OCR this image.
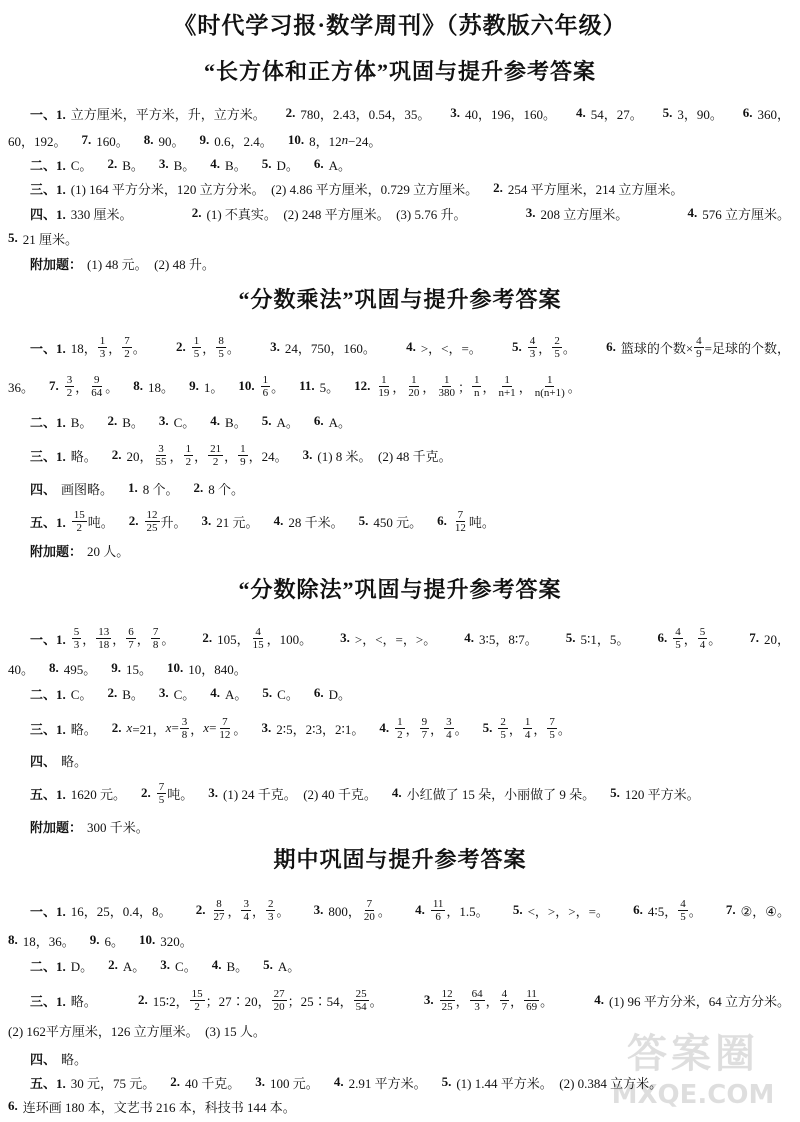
《时代学习报·数学周刊》（苏教版六年级）
答案圈
MXQE.COM
“长方体和正方体”巩固与提升参考答案
一、1. 立方厘米，平方米，升，立方米。 2. 780，2.43，0.54，35。 3. 40，196，160。 4. 54，27。 5. 3，90。 6. 360，
60，192。 7. 160。 8. 90。 9. 0.6，2.4。 10. 8，12 n −24。
二、1. C。 2. B。 3. B。 4. B。 5. D。 6. A。
三、1. (1) 164 平方分米，120 立方分米。  (2) 4.86 平方厘米，0.729 立方厘米。 2. 254 平方厘米，214 立方厘米。
四、1. 330 厘米。	2. (1) 不真实。  (2) 248 平方厘米。  (3) 5.76 升。	3. 208 立方厘米。	4. 576 立方厘米。
5. 21 厘米。
附加题： (1) 48 元。  (2) 48 升。
“分数乘法”巩固与提升参考答案
一、1. 18， $\frac{1}{3}$ ， $\frac{7}{2}$ 。 2. $\frac{1}{5}$ ， $\frac{8}{5}$ 。 3. 24，750，160。 4. >，<，=。 5. $\frac{4}{3}$ ， $\frac{2}{5}$ 。 6. 篮球的个数× $\frac{4}{9}$ =足球的个数，
36。 7. $\frac{3}{2}$ ， $\frac{9}{64}$ 。 8. 18。 9. 1。 10. $\frac{1}{6}$ 。 11. 5。 12. $\frac{1}{19}$ ， $\frac{1}{20}$ ， $\frac{1}{380}$ ； $\frac{1}{n}$ ， $\frac{1}{n+1}$ ， $\frac{1}{n(n+1)}$ 。
二、1. B。 2. B。 3. C。 4. B。 5. A。 6. A。
三、1. 略。 2. 20， $\frac{3}{55}$ ， $\frac{1}{2}$ ， $\frac{21}{2}$ ， $\frac{1}{9}$ ，24。 3. (1) 8 米。  (2) 48 千克。
四、 画图略。 1. 8 个。 2. 8 个。
五、1. $\frac{15}{2}$ 吨。 2. $\frac{12}{25}$ 升。 3. 21 元。 4. 28 千米。 5. 450 元。 6. $\frac{7}{12}$ 吨。
附加题： 20 人。
“分数除法”巩固与提升参考答案
一、1. $\frac{5}{3}$ ， $\frac{13}{18}$ ， $\frac{6}{7}$ ， $\frac{7}{8}$ 。 2. 105， $\frac{4}{15}$ ，100。 3. >，<，=，>。 4. 3∶5，8∶7。 5. 5∶1，5。 6. $\frac{4}{5}$ ， $\frac{5}{4}$ 。 7. 20，
40。 8. 495。 9. 15。 10. 10，840。
二、1. C。 2. B。 3. C。 4. A。 5. C。 6. D。
三、1. 略。 2. x =21， $x = \frac{3}{8}$ ， $x = \frac{7}{12}$ 。 3. 2∶5，2∶3，2∶1。 4. $\frac{1}{2}$ ， $\frac{9}{7}$ ， $\frac{3}{4}$ 。 5. $\frac{2}{5}$ ， $\frac{1}{4}$ ， $\frac{7}{5}$ 。
四、 略。
五、1. 1620 元。 2. $\frac{7}{5}$ 吨。 3. (1) 24 千克。  (2) 40 千克。 4. 小红做了 15 朵，小丽做了 9 朵。 5. 120 平方米。
附加题： 300 千米。
期中巩固与提升参考答案
一、1. 16，25，0.4，8。 2. $\frac{8}{27}$ ， $\frac{3}{4}$ ， $\frac{2}{3}$ 。 3. 800， $\frac{7}{20}$ 。 4. $\frac{11}{6}$ ，1.5。 5. <，>，>，=。 6. 4∶5， $\frac{4}{5}$ 。 7. ②，④。
8. 18，36。 9. 6。 10. 320。
二、1. D。 2. A。 3. C。 4. B。 5. A。
三、1. 略。	2. 15∶2， $\frac{15}{2}$ ；27∶20， $\frac{27}{20}$ ；25∶54， $\frac{25}{54}$ 。	3. $\frac{12}{25}$ ， $\frac{64}{3}$ ， $\frac{4}{7}$ ， $\frac{11}{69}$ 。	4. (1) 96 平方分米，64 立方分米。
(2) 162平方厘米，126 立方厘米。  (3) 15 人。
四、 略。
五、1. 30 元，75 元。 2. 40 千克。 3. 100 元。 4. 2.91 平方米。 5. (1) 1.44 平方米。  (2) 0.384 立方米。
6. 连环画 180 本，文艺书 216 本，科技书 144 本。
